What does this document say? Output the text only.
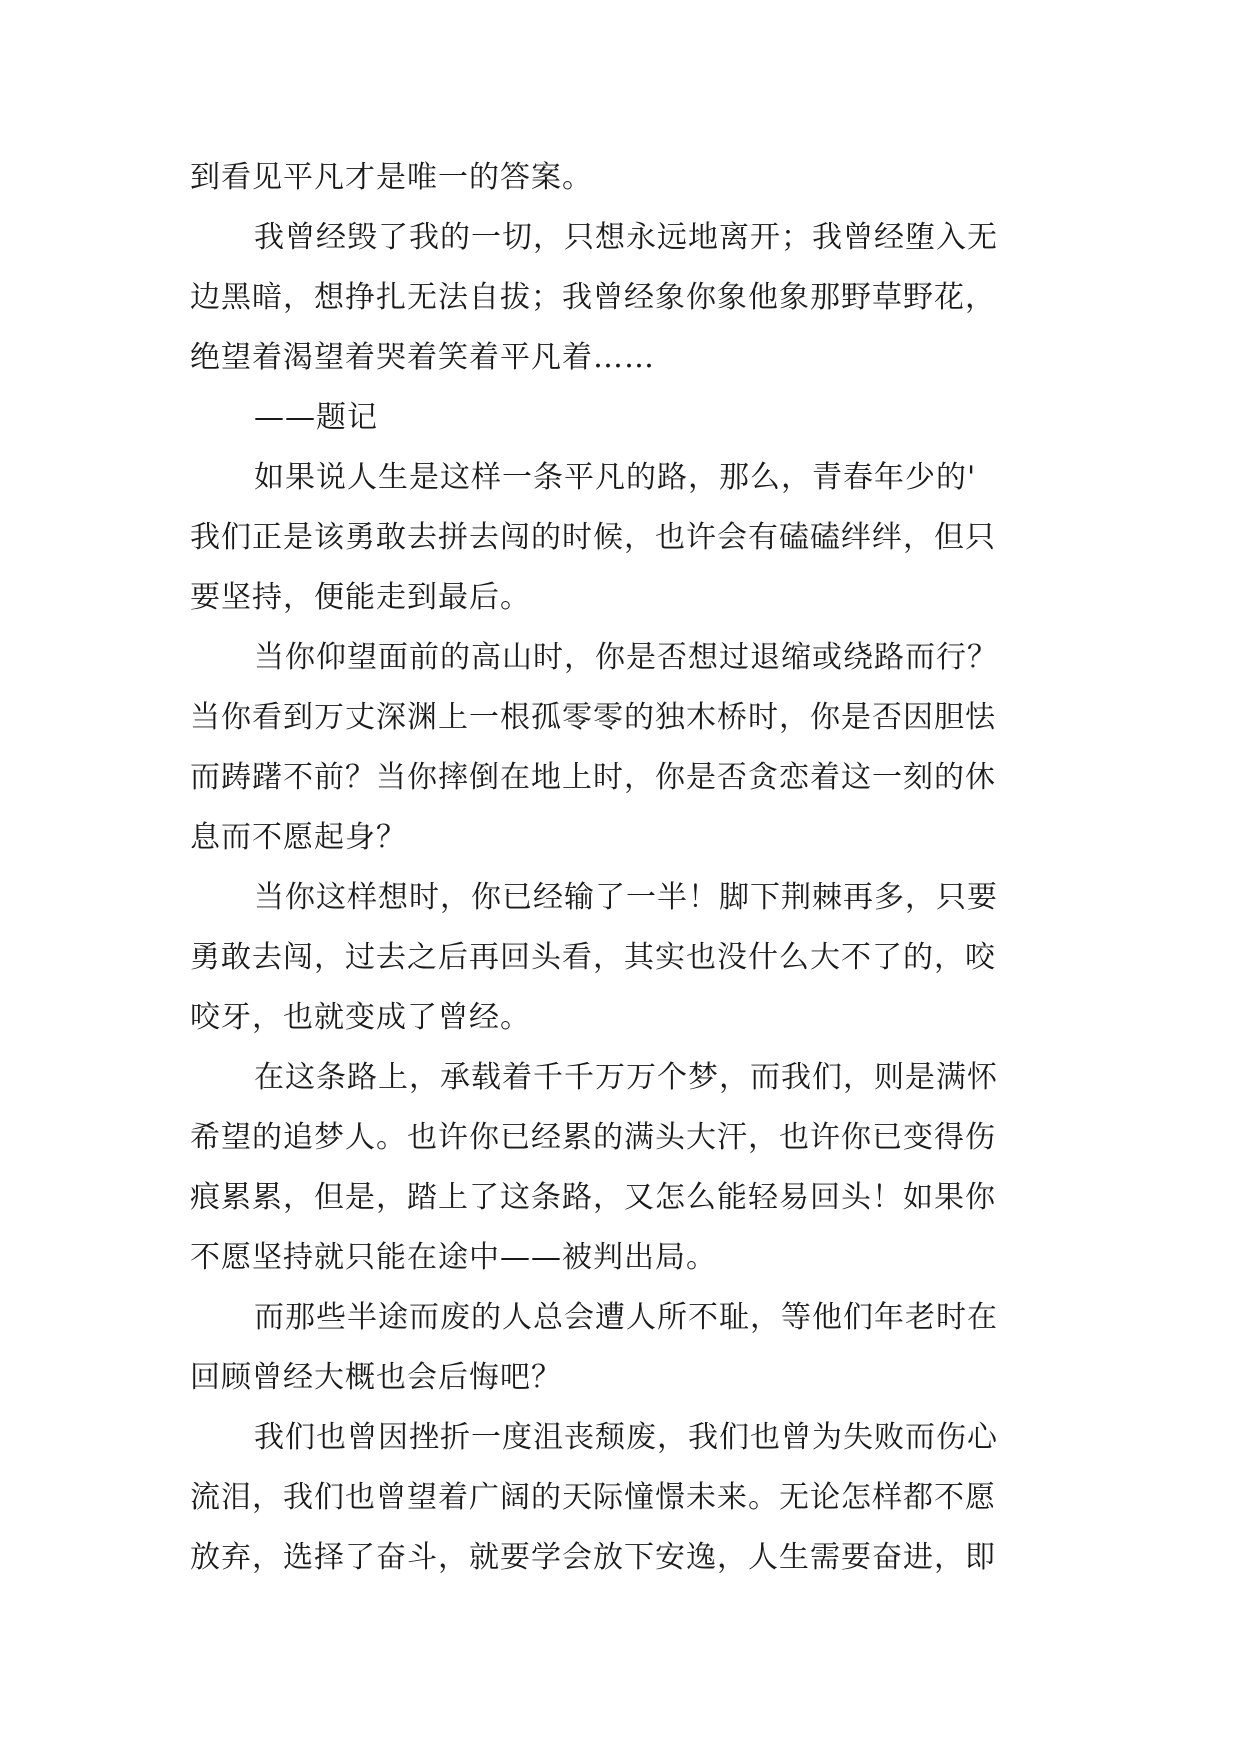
到看见平凡才是唯一的答案。
我曾经毁了我的一切，只想永远地离开；我曾经堕入无
边黑暗，想挣扎无法自拔；我曾经象你象他象那野草野花，
绝望着渴望着哭着笑着平凡着……
——题记
如果说人生是这样一条平凡的路，那么，青春年少的'
我们正是该勇敢去拼去闯的时候，也许会有磕磕绊绊，但只
要坚持，便能走到最后。
当你仰望面前的高山时，你是否想过退缩或绕路而行？
当你看到万丈深渊上一根孤零零的独木桥时，你是否因胆怯
而踌躇不前？当你摔倒在地上时，你是否贪恋着这一刻的休
息而不愿起身？
当你这样想时，你已经输了一半！脚下荆棘再多，只要
勇敢去闯，过去之后再回头看，其实也没什么大不了的，咬
咬牙，也就变成了曾经。
在这条路上，承载着千千万万个梦，而我们，则是满怀
希望的追梦人。也许你已经累的满头大汗，也许你已变得伤
痕累累，但是，踏上了这条路，又怎么能轻易回头！如果你
不愿坚持就只能在途中——被判出局。
而那些半途而废的人总会遭人所不耻，等他们年老时在
回顾曾经大概也会后悔吧？
我们也曾因挫折一度沮丧颓废，我们也曾为失败而伤心
流泪，我们也曾望着广阔的天际憧憬未来。无论怎样都不愿
放弃，选择了奋斗，就要学会放下安逸，人生需要奋进，即
